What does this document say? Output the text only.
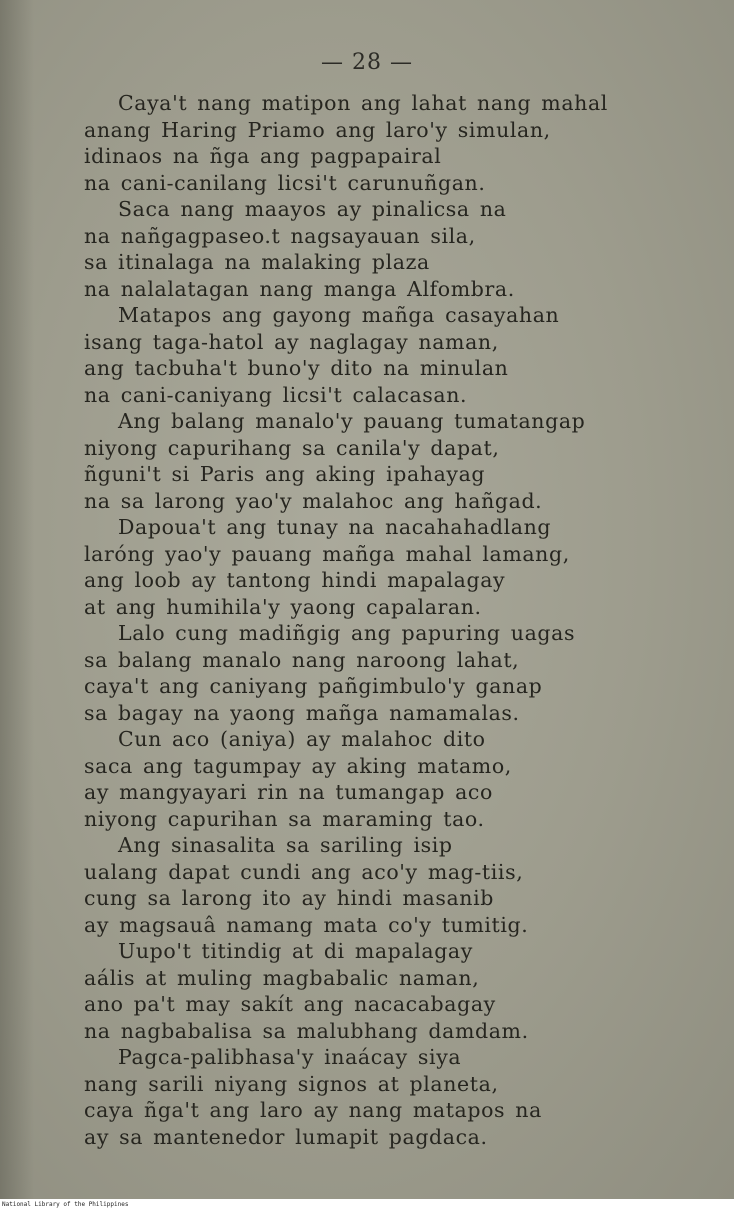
— 28 —
Caya't nang matipon ang lahat nang mahal
anang Haring Priamo ang laro'y simulan,
idinaos na ñga ang pagpapairal
na cani-canilang licsi't carunuñgan.
Saca nang maayos ay pinalicsa na
na nañgagpaseo.t nagsayauan sila,
sa itinalaga na malaking plaza
na nalalatagan nang manga Alfombra.
Matapos ang gayong mañga casayahan
isang taga-hatol ay naglagay naman,
ang tacbuha't buno'y dito na minulan
na cani-caniyang licsi't calacasan.
Ang balang manalo'y pauang tumatangap
niyong capurihang sa canila'y dapat,
ñguni't si Paris ang aking ipahayag
na sa larong yao'y malahoc ang hañgad.
Dapoua't ang tunay na nacahahadlang
laróng yao'y pauang mañga mahal lamang,
ang loob ay tantong hindi mapalagay
at ang humihila'y yaong capalaran.
Lalo cung madiñgig ang papuring uagas
sa balang manalo nang naroong lahat,
caya't ang caniyang pañgimbulo'y ganap
sa bagay na yaong mañga namamalas.
Cun aco (aniya) ay malahoc dito
saca ang tagumpay ay aking matamo,
ay mangyayari rin na tumangap aco
niyong capurihan sa maraming tao.
Ang sinasalita sa sariling isip
ualang dapat cundi ang aco'y mag-tiis,
cung sa larong ito ay hindi masanib
ay magsauâ namang mata co'y tumitig.
Uupo't titindig at di mapalagay
aális at muling magbabalic naman,
ano pa't may sakít ang nacacabagay
na nagbabalisa sa malubhang damdam.
Pagca-palibhasa'y inaácay siya
nang sarili niyang signos at planeta,
caya ñga't ang laro ay nang matapos na
ay sa mantenedor lumapit pagdaca.
National Library of the Philippines
